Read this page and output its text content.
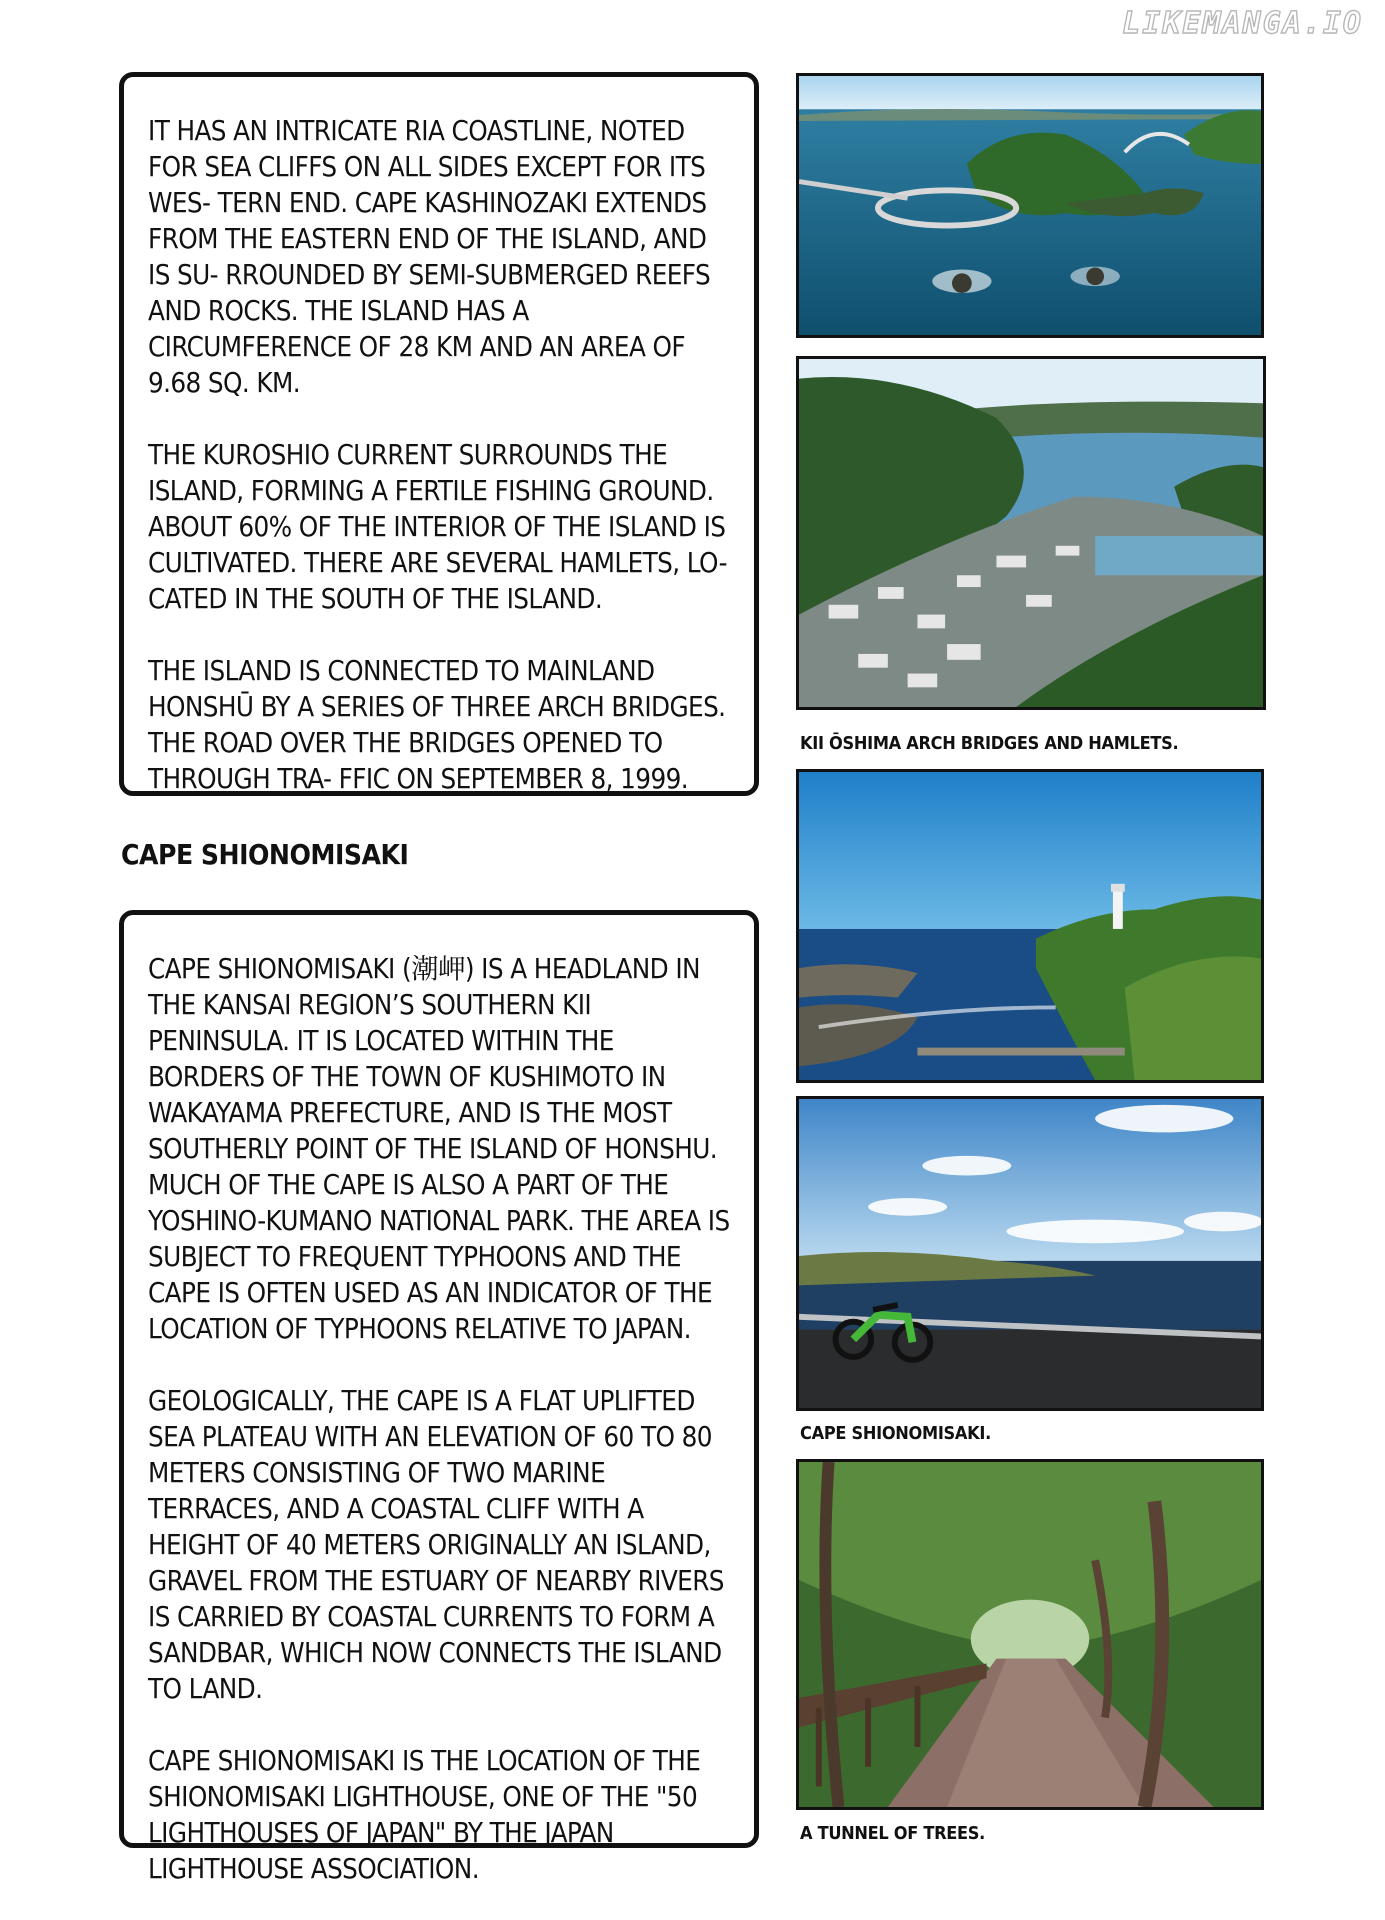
LIKEMANGA.IO

IT HAS AN INTRICATE RIA COASTLINE, NOTED FOR SEA CLIFFS ON ALL SIDES EXCEPT FOR ITS WES- TERN END. CAPE KASHINOZAKI EXTENDS FROM THE EASTERN END OF THE ISLAND, AND IS SU- RROUNDED BY SEMI-SUBMERGED REEFS AND ROCKS. THE ISLAND HAS A CIRCUMFERENCE OF 28 KM AND AN AREA OF 9.68 SQ. KM.

THE KUROSHIO CURRENT SURROUNDS THE ISLAND, FORMING A FERTILE FISHING GROUND. ABOUT 60% OF THE INTERIOR OF THE ISLAND IS CULTIVATED. THERE ARE SEVERAL HAMLETS, LO- CATED IN THE SOUTH OF THE ISLAND.

THE ISLAND IS CONNECTED TO MAINLAND HONSHŪ BY A SERIES OF THREE ARCH BRIDGES. THE ROAD OVER THE BRIDGES OPENED TO THROUGH TRA- FFIC ON SEPTEMBER 8, 1999.

CAPE SHIONOMISAKI

CAPE SHIONOMISAKI (潮岬) IS A HEADLAND IN THE KANSAI REGION’S SOUTHERN KII PENINSULA. IT IS LOCATED WITHIN THE BORDERS OF THE TOWN OF KUSHIMOTO IN WAKAYAMA PREFECTURE, AND IS THE MOST SOUTHERLY POINT OF THE ISLAND OF HONSHU. MUCH OF THE CAPE IS ALSO A PART OF THE YOSHINO-KUMANO NATIONAL PARK. THE AREA IS SUBJECT TO FREQUENT TYPHOONS AND THE CAPE IS OFTEN USED AS AN INDICATOR OF THE LOCATION OF TYPHOONS RELATIVE TO JAPAN.

GEOLOGICALLY, THE CAPE IS A FLAT UPLIFTED SEA PLATEAU WITH AN ELEVATION OF 60 TO 80 METERS CONSISTING OF TWO MARINE TERRACES, AND A COASTAL CLIFF WITH A HEIGHT OF 40 METERS ORIGINALLY AN ISLAND, GRAVEL FROM THE ESTUARY OF NEARBY RIVERS IS CARRIED BY COASTAL CURRENTS TO FORM A SANDBAR, WHICH NOW CONNECTS THE ISLAND TO LAND.

CAPE SHIONOMISAKI IS THE LOCATION OF THE SHIONOMISAKI LIGHTHOUSE, ONE OF THE "50 LIGHTHOUSES OF JAPAN" BY THE JAPAN LIGHTHOUSE ASSOCIATION.

KII ŌSHIMA ARCH BRIDGES AND HAMLETS.
CAPE SHIONOMISAKI.
A TUNNEL OF TREES.
